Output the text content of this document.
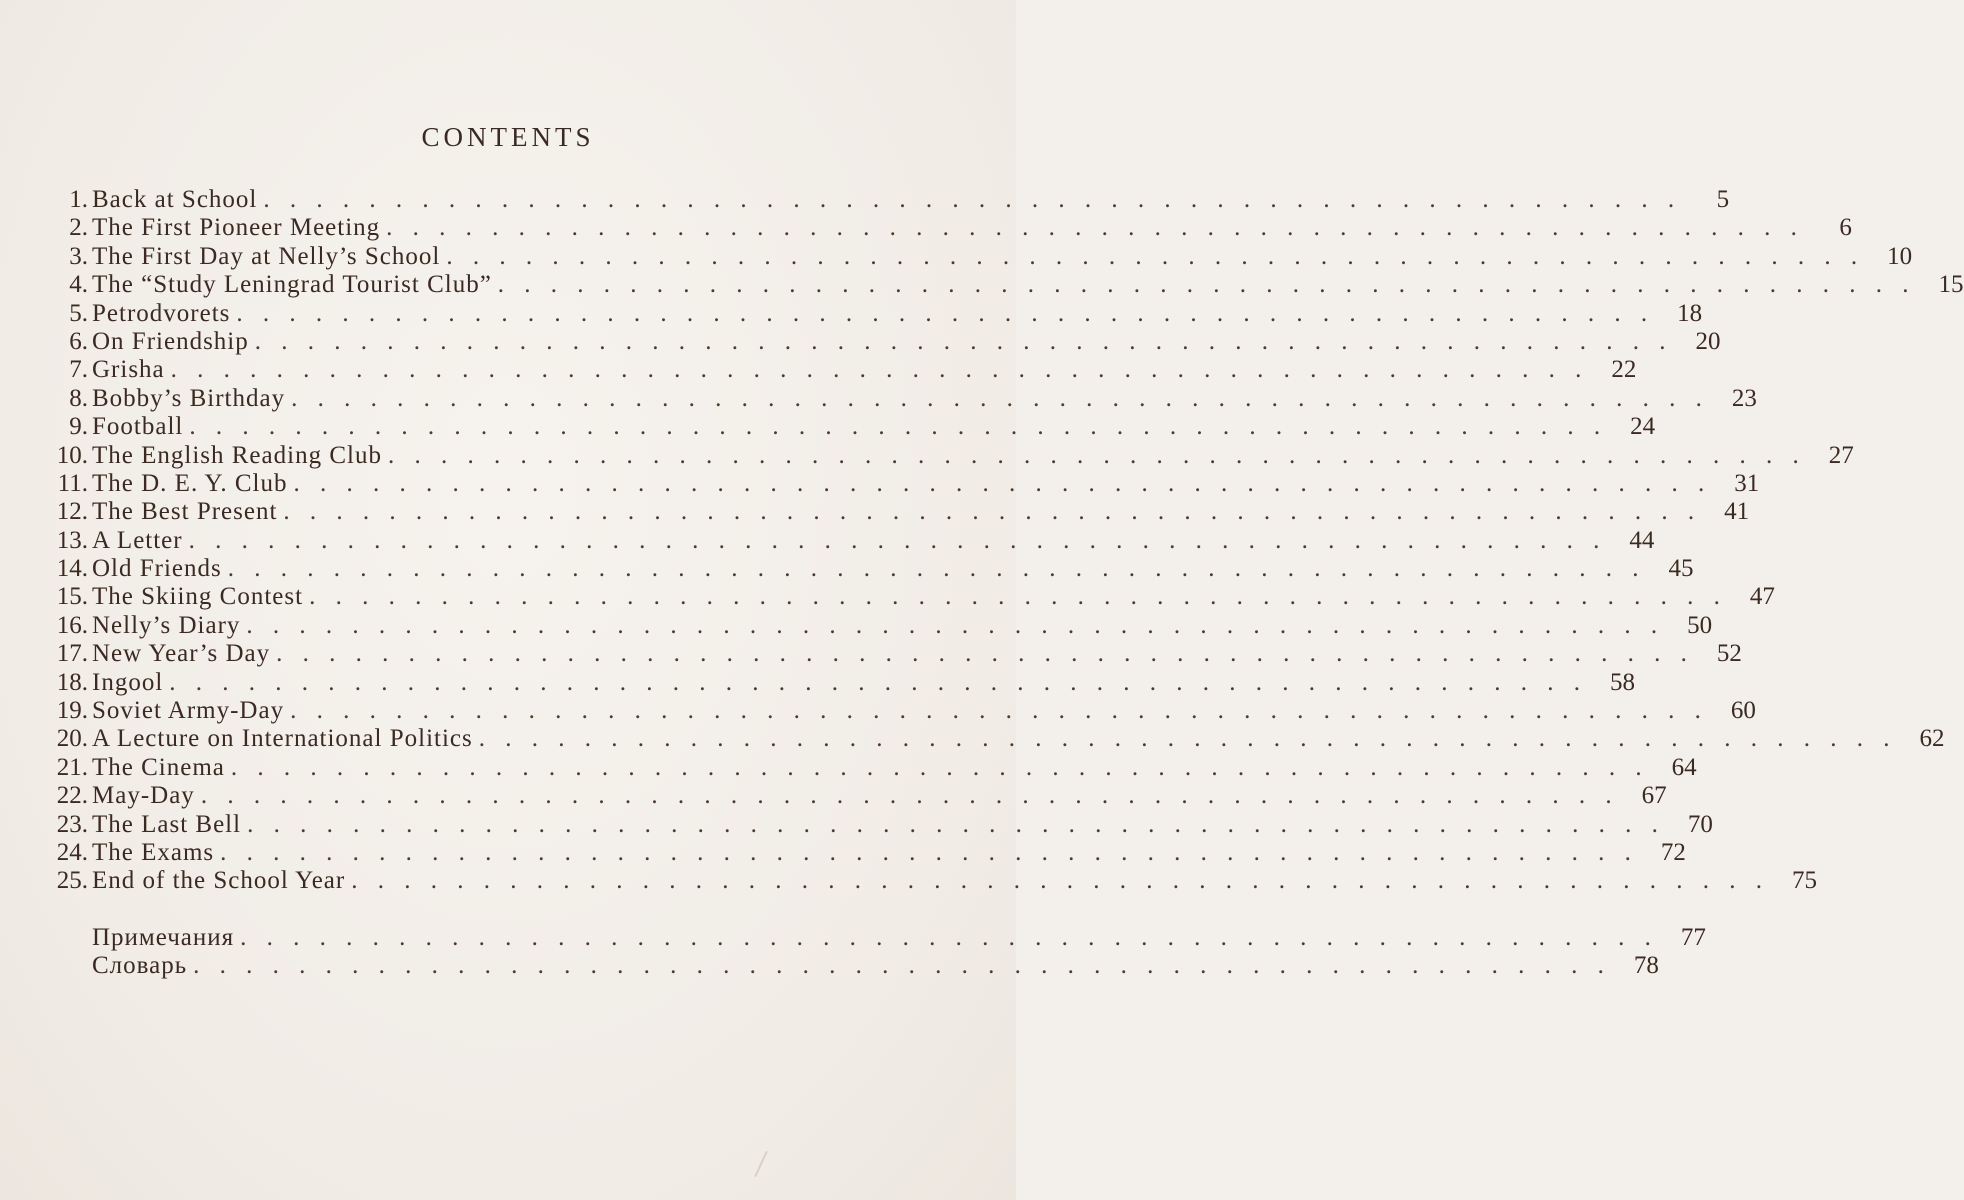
CONTENTS
1. Back at School . . . . . . . . . . . . . . . . . . . . . . . . . . . . . . . . . . . . . . . . . . . . . . . . . . . . . .	5
2. The First Pioneer Meeting . . . . . . . . . . . . . . . . . . . . . . . . . . . . . . . . . . . . . . . . . . . . . . . . . . . . . .	6
3. The First Day at Nelly’s School . . . . . . . . . . . . . . . . . . . . . . . . . . . . . . . . . . . . . . . . . . . . . . . . . . . . . . 10
4. The “Study Leningrad Tourist Club” . . . . . . . . . . . . . . . . . . . . . . . . . . . . . . . . . . . . . . . . . . . . . . . . . . . . . . 15
5. Petrodvorets . . . . . . . . . . . . . . . . . . . . . . . . . . . . . . . . . . . . . . . . . . . . . . . . . . . . . . 18
6. On Friendship . . . . . . . . . . . . . . . . . . . . . . . . . . . . . . . . . . . . . . . . . . . . . . . . . . . . . . 20
7. Grisha . . . . . . . . . . . . . . . . . . . . . . . . . . . . . . . . . . . . . . . . . . . . . . . . . . . . . . 22
8. Bobby’s Birthday . . . . . . . . . . . . . . . . . . . . . . . . . . . . . . . . . . . . . . . . . . . . . . . . . . . . . . 23
9. Football . . . . . . . . . . . . . . . . . . . . . . . . . . . . . . . . . . . . . . . . . . . . . . . . . . . . . . 24
10. The English Reading Club . . . . . . . . . . . . . . . . . . . . . . . . . . . . . . . . . . . . . . . . . . . . . . . . . . . . . . 27
11. The D. E. Y. Club . . . . . . . . . . . . . . . . . . . . . . . . . . . . . . . . . . . . . . . . . . . . . . . . . . . . . . 31
12. The Best Present . . . . . . . . . . . . . . . . . . . . . . . . . . . . . . . . . . . . . . . . . . . . . . . . . . . . . . 41
13. A Letter . . . . . . . . . . . . . . . . . . . . . . . . . . . . . . . . . . . . . . . . . . . . . . . . . . . . . . 44
14. Old Friends . . . . . . . . . . . . . . . . . . . . . . . . . . . . . . . . . . . . . . . . . . . . . . . . . . . . . . 45
15. The Skiing Contest . . . . . . . . . . . . . . . . . . . . . . . . . . . . . . . . . . . . . . . . . . . . . . . . . . . . . . 47
16. Nelly’s Diary . . . . . . . . . . . . . . . . . . . . . . . . . . . . . . . . . . . . . . . . . . . . . . . . . . . . . . 50
17. New Year’s Day . . . . . . . . . . . . . . . . . . . . . . . . . . . . . . . . . . . . . . . . . . . . . . . . . . . . . . 52
18. Ingool . . . . . . . . . . . . . . . . . . . . . . . . . . . . . . . . . . . . . . . . . . . . . . . . . . . . . . 58
19. Soviet Army-Day . . . . . . . . . . . . . . . . . . . . . . . . . . . . . . . . . . . . . . . . . . . . . . . . . . . . . . 60
20. A Lecture on International Politics . . . . . . . . . . . . . . . . . . . . . . . . . . . . . . . . . . . . . . . . . . . . . . . . . . . . . . 62
21. The Cinema . . . . . . . . . . . . . . . . . . . . . . . . . . . . . . . . . . . . . . . . . . . . . . . . . . . . . . 64
22. May-Day . . . . . . . . . . . . . . . . . . . . . . . . . . . . . . . . . . . . . . . . . . . . . . . . . . . . . . 67
23. The Last Bell . . . . . . . . . . . . . . . . . . . . . . . . . . . . . . . . . . . . . . . . . . . . . . . . . . . . . . 70
24. The Exams . . . . . . . . . . . . . . . . . . . . . . . . . . . . . . . . . . . . . . . . . . . . . . . . . . . . . . 72
25. End of the School Year . . . . . . . . . . . . . . . . . . . . . . . . . . . . . . . . . . . . . . . . . . . . . . . . . . . . . . 75
Примечания . . . . . . . . . . . . . . . . . . . . . . . . . . . . . . . . . . . . . . . . . . . . . . . . . . . . . . 77
Словарь . . . . . . . . . . . . . . . . . . . . . . . . . . . . . . . . . . . . . . . . . . . . . . . . . . . . . . 78
